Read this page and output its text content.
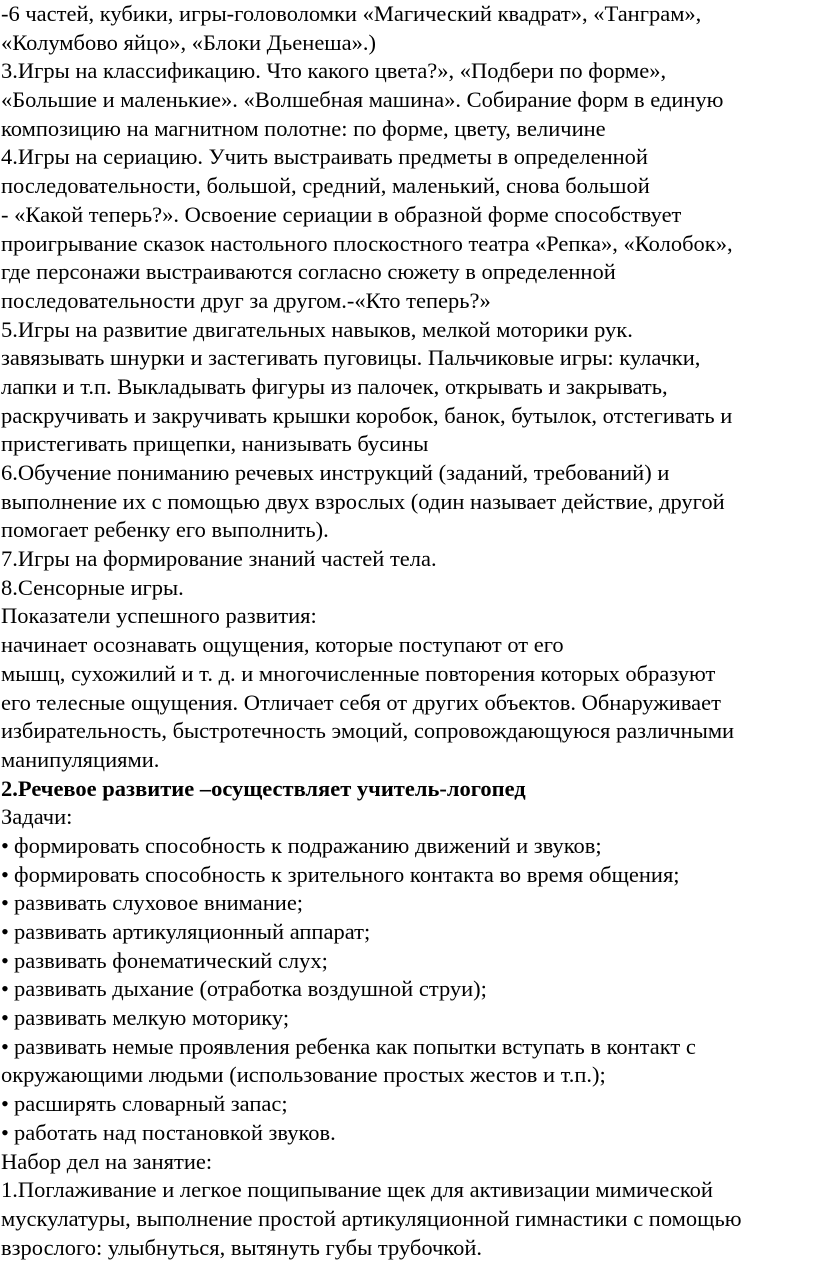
-6 частей, кубики, игры-головоломки «Магический квадрат», «Танграм»,
«Колумбово яйцо», «Блоки Дьенеша».)
3.Игры на классификацию. Что какого цвета?», «Подбери по форме»,
«Большие и маленькие». «Волшебная машина». Собирание форм в единую
композицию на магнитном полотне: по форме, цвету, величине
4.Игры на сериацию. Учить выстраивать предметы в определенной
последовательности, большой, средний, маленький, снова большой
- «Какой теперь?». Освоение сериации в образной форме способствует
проигрывание сказок настольного плоскостного театра «Репка», «Колобок»,
где персонажи выстраиваются согласно сюжету в определенной
последовательности друг за другом.-«Кто теперь?»
5.Игры на развитие двигательных навыков, мелкой моторики рук.
завязывать шнурки и застегивать пуговицы. Пальчиковые игры: кулачки,
лапки и т.п. Выкладывать фигуры из палочек, открывать и закрывать,
раскручивать и закручивать крышки коробок, банок, бутылок, отстегивать и
пристегивать прищепки, нанизывать бусины
6.Обучение пониманию речевых инструкций (заданий, требований) и
выполнение их с помощью двух взрослых (один называет действие, другой
помогает ребенку его выполнить).
7.Игры на формирование знаний частей тела.
8.Сенсорные игры.
Показатели успешного развития:
начинает осознавать ощущения, которые поступают от его
мышц, сухожилий и т. д. и многочисленные повторения которых образуют
его телесные ощущения. Отличает себя от других объектов. Обнаруживает
избирательность, быстротечность эмоций, сопровождающуюся различными
манипуляциями.
2.Речевое развитие –осуществляет учитель-логопед
Задачи:
• формировать способность к подражанию движений и звуков;
• формировать способность к зрительного контакта во время общения;
• развивать слуховое внимание;
• развивать артикуляционный аппарат;
• развивать фонематический слух;
• развивать дыхание (отработка воздушной струи);
• развивать мелкую моторику;
• развивать немые проявления ребенка как попытки вступать в контакт с
окружающими людьми (использование простых жестов и т.п.);
• расширять словарный запас;
• работать над постановкой звуков.
Набор дел на занятие:
1.Поглаживание и легкое пощипывание щек для активизации мимической
мускулатуры, выполнение простой артикуляционной гимнастики с помощью
взрослого: улыбнуться, вытянуть губы трубочкой.
